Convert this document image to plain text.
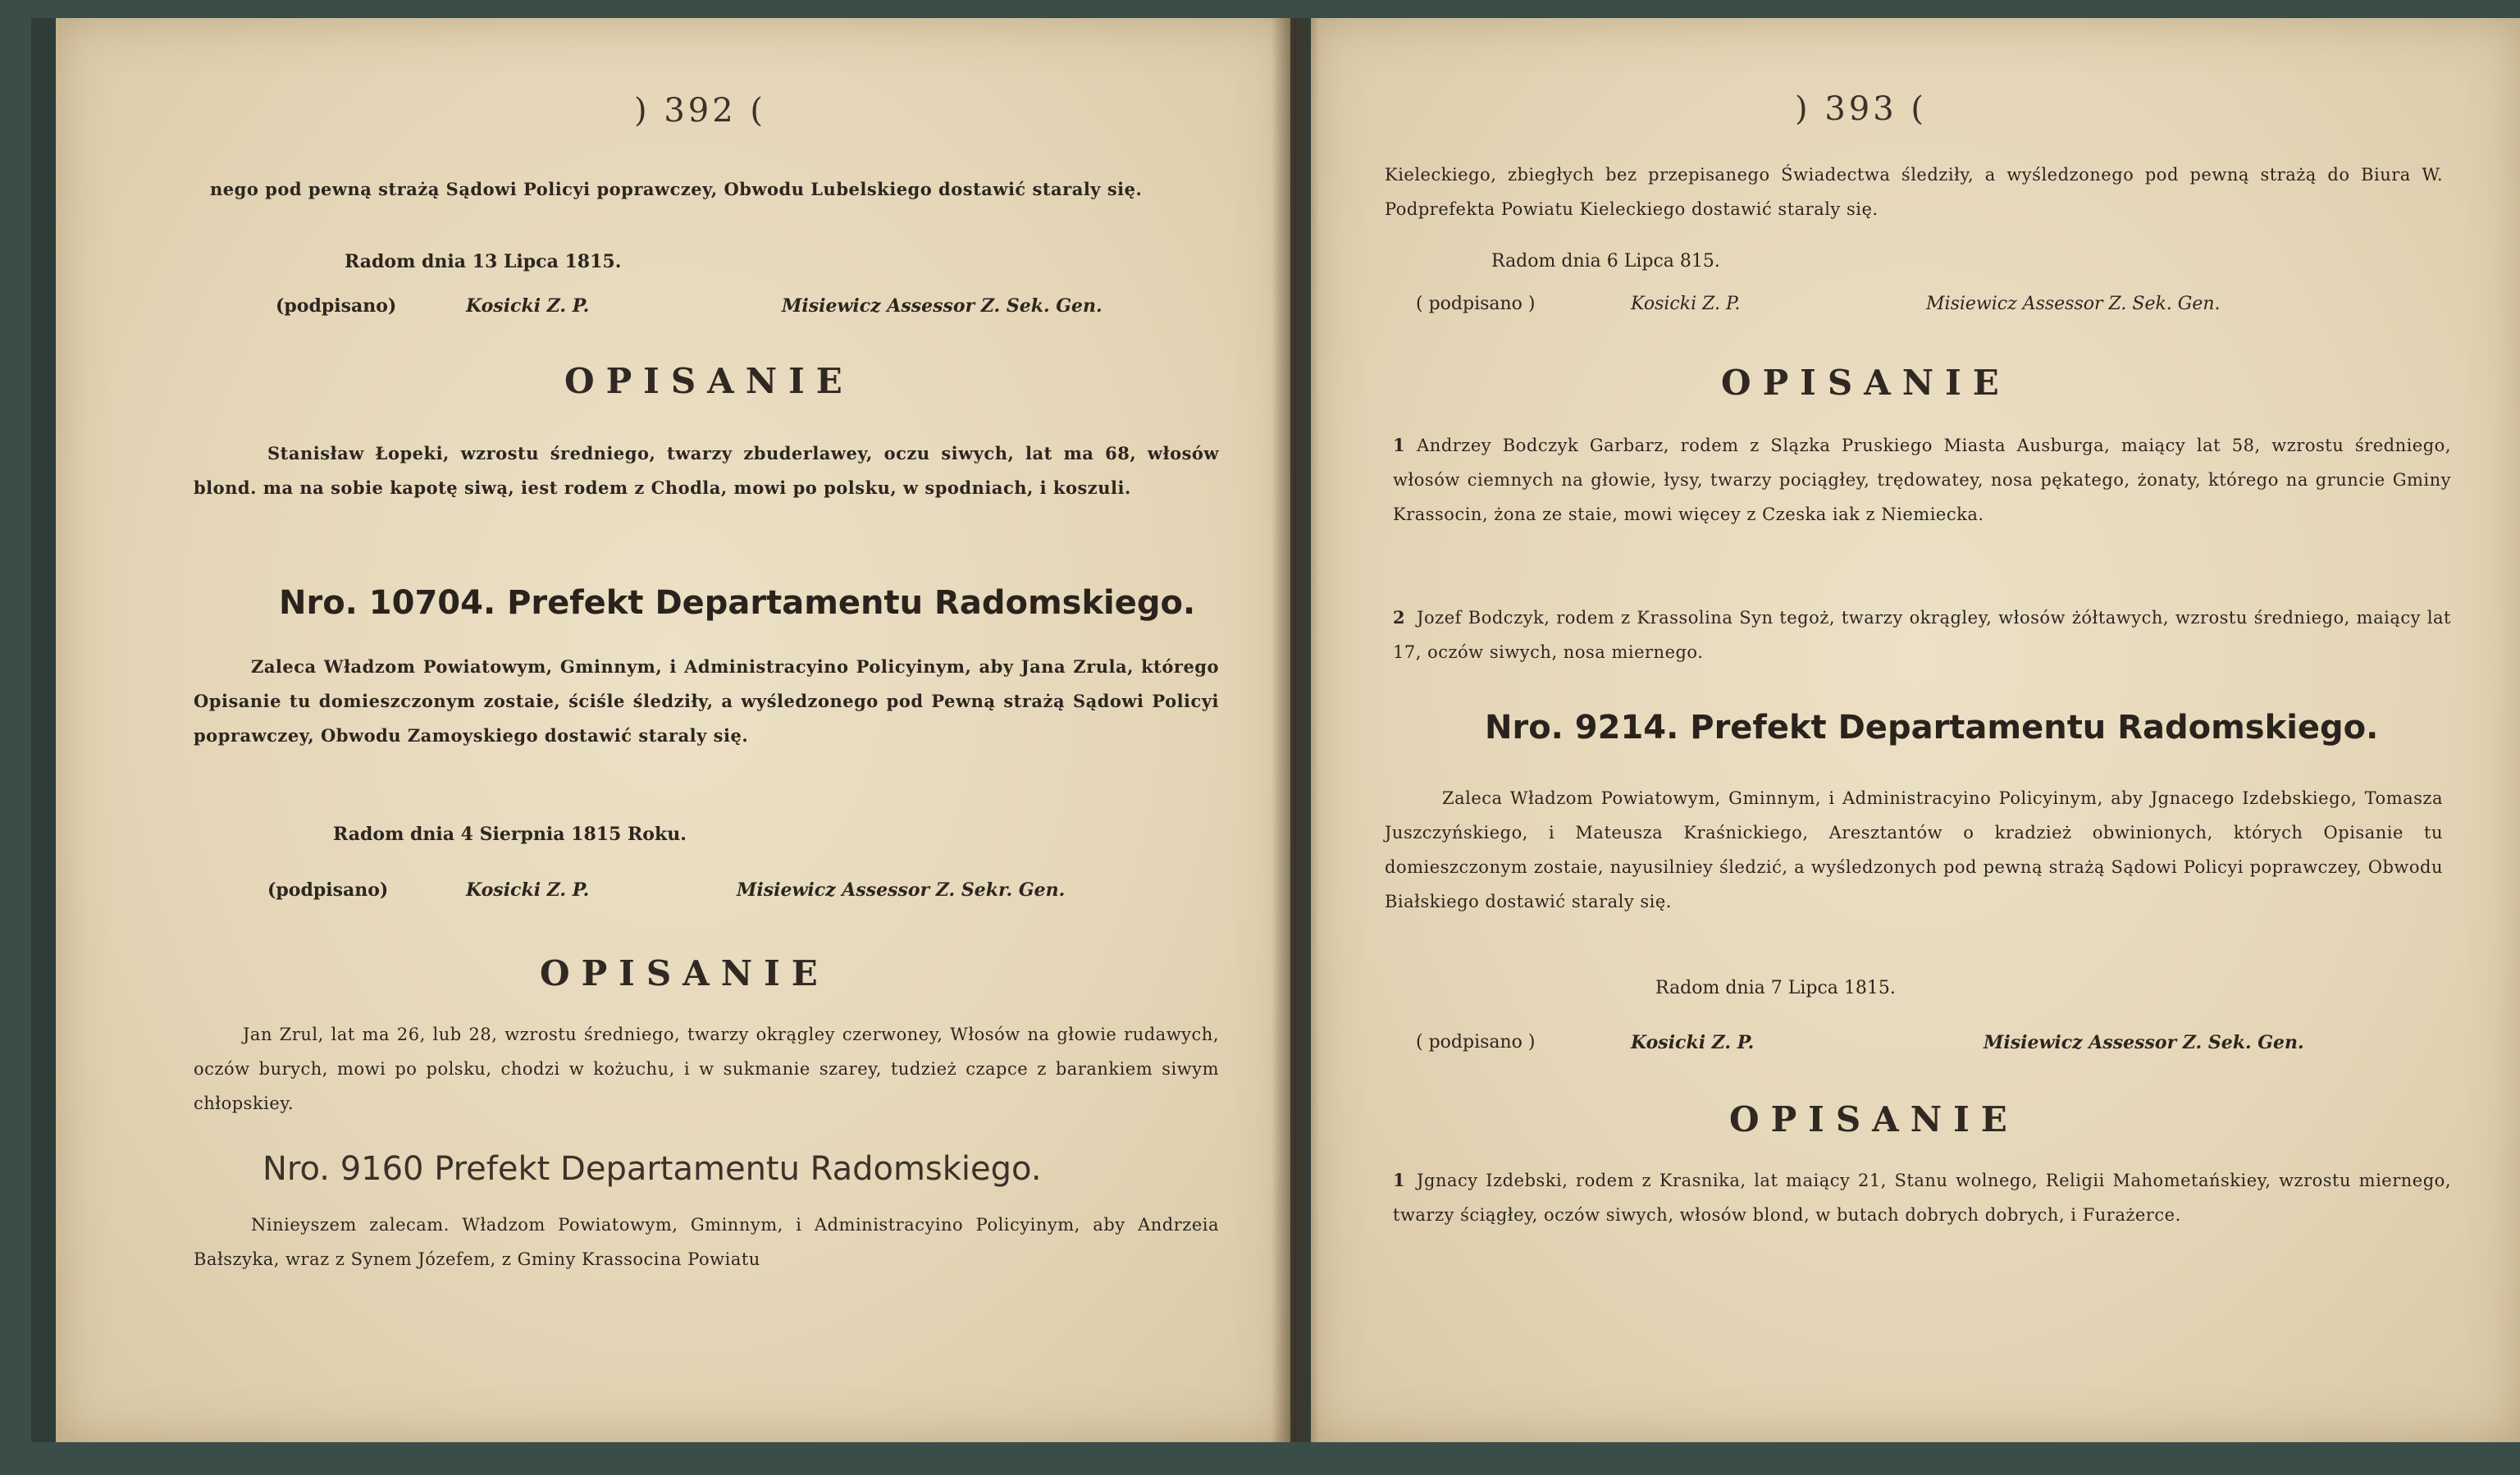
) 392 (
nego pod pewną strażą Sądowi Policyi poprawczey, Obwodu Lubelskiego dostawić staraly się.
Radom dnia 13 Lipca 1815.
(podpisano)	Kosicki Z. P.	Misiewicz Assessor Z. Sek. Gen.
OPISANIE
Stanisław Łopeki, wzrostu średniego, twarzy zbuderlawey, oczu siwych, lat ma 68, włosów blond. ma na sobie kapotę siwą, iest rodem z Chodla, mowi po polsku, w spodniach, i koszuli.
Nro. 10704. Prefekt Departamentu Radomskiego.
Zaleca Władzom Powiatowym, Gminnym, i Administracyino Policyinym, aby Jana Zrula, którego Opisanie tu domieszczonym zostaie, ściśle śledziły, a wyśledzonego pod Pewną strażą Sądowi Policyi poprawczey, Obwodu Zamoyskiego dostawić staraly się.
Radom dnia 4 Sierpnia 1815 Roku.
(podpisano)	Kosicki Z. P.	Misiewicz Assessor Z. Sekr. Gen.
OPISANIE
Jan Zrul, lat ma 26, lub 28, wzrostu średniego, twarzy okrągley czerwoney, Włosów na głowie rudawych, oczów burych, mowi po polsku, chodzi w kożuchu, i w sukmanie szarey, tudzież czapce z barankiem siwym chłopskiey.
Nro. 9160 Prefekt Departamentu Radomskiego.
Ninieyszem zalecam. Władzom Powiatowym, Gminnym, i Administracyino Policyinym, aby Andrzeia Bałszyka, wraz z Synem Józefem, z Gminy Krassocina Powiatu
) 393 (
Kieleckiego, zbiegłych bez przepisanego Świadectwa śledziły, a wyśledzonego pod pewną strażą do Biura W. Podprefekta Powiatu Kieleckiego dostawić staraly się.
Radom dnia 6 Lipca 815.
( podpisano )	Kosicki Z. P.	Misiewicz Assessor Z. Sek. Gen.
OPISANIE
1 Andrzey Bodczyk Garbarz, rodem z Slązka Pruskiego Miasta Ausburga, maiący lat 58, wzrostu średniego, włosów ciemnych na głowie, łysy, twarzy pociągłey, trędowatey, nosa pękatego, żonaty, którego na gruncie Gminy Krassocin, żona ze staie, mowi więcey z Czeska iak z Niemiecka.
2 Jozef Bodczyk, rodem z Krassolina Syn tegoż, twarzy okrągley, włosów żółtawych, wzrostu średniego, maiący lat 17, oczów siwych, nosa miernego.
Nro. 9214. Prefekt Departamentu Radomskiego.
Zaleca Władzom Powiatowym, Gminnym, i Administracyino Policyinym, aby Jgnacego Izdebskiego, Tomasza Juszczyńskiego, i Mateusza Kraśnickiego, Aresztantów o kradzież obwinionych, których Opisanie tu domieszczonym zostaie, nayusilniey śledzić, a wyśledzonych pod pewną strażą Sądowi Policyi poprawczey, Obwodu Białskiego dostawić staraly się.
Radom dnia 7 Lipca 1815.
( podpisano )	Kosicki Z. P.	Misiewicz Assessor Z. Sek. Gen.
OPISANIE
1 Jgnacy Izdebski, rodem z Krasnika, lat maiący 21, Stanu wolnego, Religii Mahometańskiey, wzrostu miernego, twarzy ściągłey, oczów siwych, włosów blond, w butach dobrych dobrych, i Furażerce.
